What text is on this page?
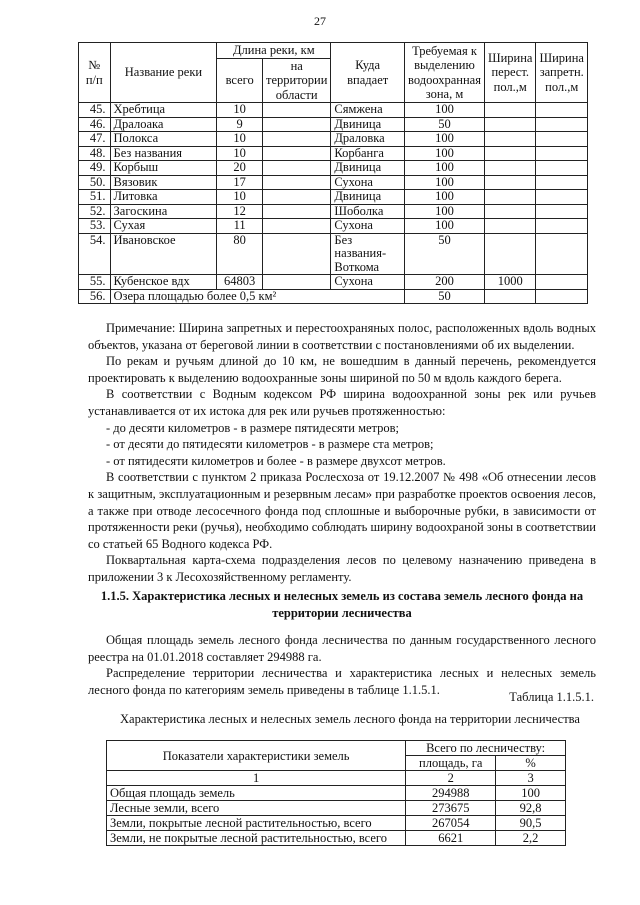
27
№ п/п	Название реки	Длина реки, км		Куда впадает	Требуемая к выделению водоохранная зона, м	Ширина перест. пол.,м	Ширина запретн. пол.,м
		всего	на территории области				
45.	Хребтица	10		Сямжена	100		
46.	Дралоака	9		Двиница	50		
47.	Полокса	10		Драловка	100		
48.	Без названия	10		Корбанга	100		
49.	Корбыш	20		Двиница	100		
50.	Вязовик	17		Сухона	100		
51.	Литовка	10		Двиница	100		
52.	Загоскина	12		Шоболка	100		
53.	Сухая	11		Сухона	100		
54.	Ивановское	80		Без названия-Воткома	50		
55.	Кубенское вдх	64803		Сухона	200	1000	
56.	Озера площадью более 0,5 км²				50		

Примечание: Ширина запретных и перестоохраняных полос, расположенных вдоль водных объектов, указана от береговой линии в соответствии с постановлениями об их выделении.

По рекам и ручьям длиной до 10 км, не вошедшим в данный перечень, рекомендуется проектировать к выделению водоохранные зоны шириной по 50 м вдоль каждого берега.

В соответствии с Водным кодексом РФ ширина водоохранной зоны рек или ручьев устанавливается от их истока для рек или ручьев протяженностью:

- до десяти километров - в размере пятидесяти метров;

- от десяти до пятидесяти километров - в размере ста метров;

- от пятидесяти километров и более - в размере двухсот метров.

В соответствии с пунктом 2 приказа Рослесхоза от 19.12.2007 № 498 «Об отнесении лесов к защитным, эксплуатационным и резервным лесам» при разработке проектов освоения лесов, а также при отводе лесосечного фонда под сплошные и выборочные рубки, в зависимости от протяженности реки (ручья), необходимо соблюдать ширину водоохраной зоны в соответствии со статьей 65 Водного кодекса РФ.

Поквартальная карта-схема подразделения лесов по целевому назначению приведена в приложении 3 к Лесохозяйственному регламенту.

1.1.5. Характеристика лесных и нелесных земель из состава земель лесного фонда на территории лесничества

Общая площадь земель лесного фонда лесничества по данным государственного лесного реестра на 01.01.2018 составляет 294988 га.

Распределение территории лесничества и характеристика лесных и нелесных земель лесного фонда по категориям земель приведены в таблице 1.1.5.1.

Таблица 1.1.5.1.
Характеристика лесных и нелесных земель лесного фонда на территории лесничества
Показатели характеристики земель	Всего по лесничеству:	
	площадь, га	%
1	2	3
Общая площадь земель	294988	100
Лесные земли, всего	273675	92,8
Земли, покрытые лесной растительностью, всего	267054	90,5
Земли, не покрытые лесной растительностью, всего	6621	2,2
